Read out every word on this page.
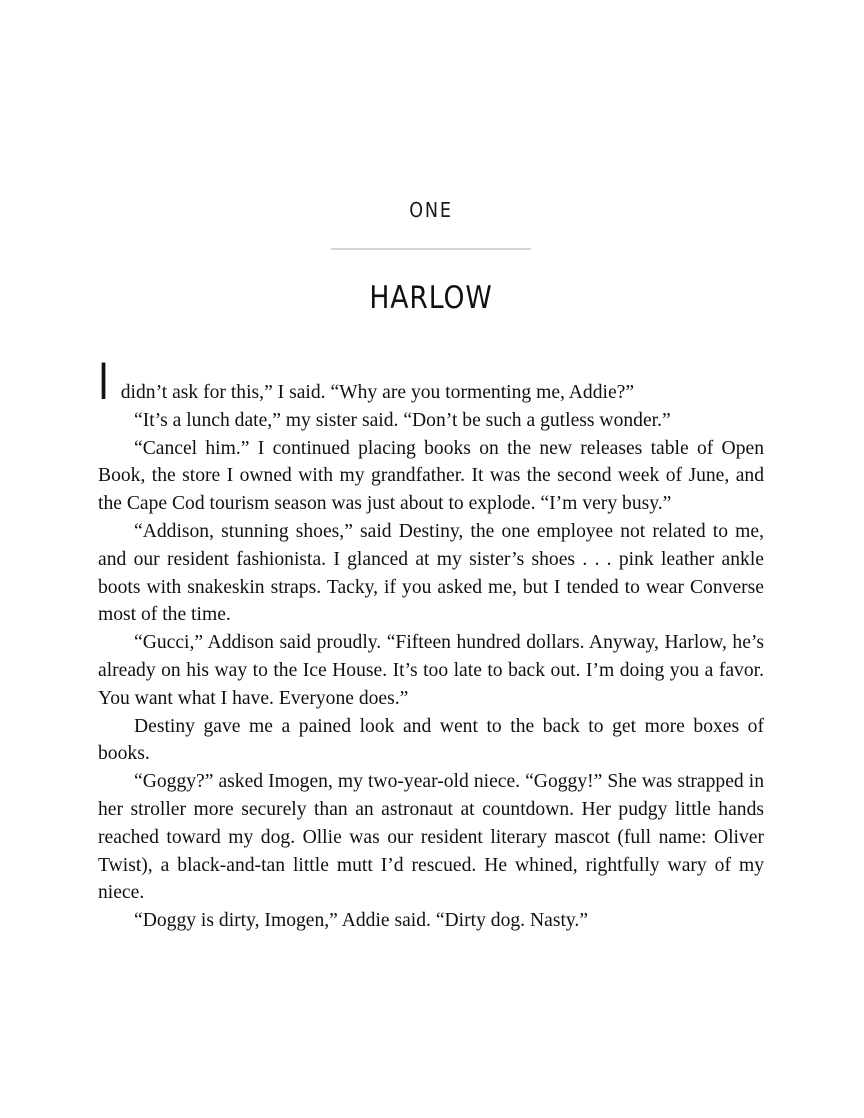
ONE
HARLOW

Ididn’t ask for this,” I said. “Why are you tormenting me, Addie?”

“It’s a lunch date,” my sister said. “Don’t be such a gutless wonder.”

“Cancel him.” I continued placing books on the new releases table of Open Book, the store I owned with my grandfather. It was the second week of June, and the Cape Cod tourism season was just about to explode. “I’m very busy.”

“Addison, stunning shoes,” said Destiny, the one employee not related to me, and our resident fashionista. I glanced at my sister’s shoes . . . pink leather ankle boots with snakeskin straps. Tacky, if you asked me, but I tended to wear Converse most of the time.

“Gucci,” Addison said proudly. “Fifteen hundred dollars. Anyway, Harlow, he’s already on his way to the Ice House. It’s too late to back out. I’m doing you a favor. You want what I have. Everyone does.”

Destiny gave me a pained look and went to the back to get more boxes of books.

“Goggy?” asked Imogen, my two-year-old niece. “Goggy!” She was strapped in her stroller more securely than an astronaut at countdown. Her pudgy little hands reached toward my dog. Ollie was our resident literary mascot (full name: Oliver Twist), a black-and-tan little mutt I’d rescued. He whined, rightfully wary of my niece.

“Doggy is dirty, Imogen,” Addie said. “Dirty dog. Nasty.”
